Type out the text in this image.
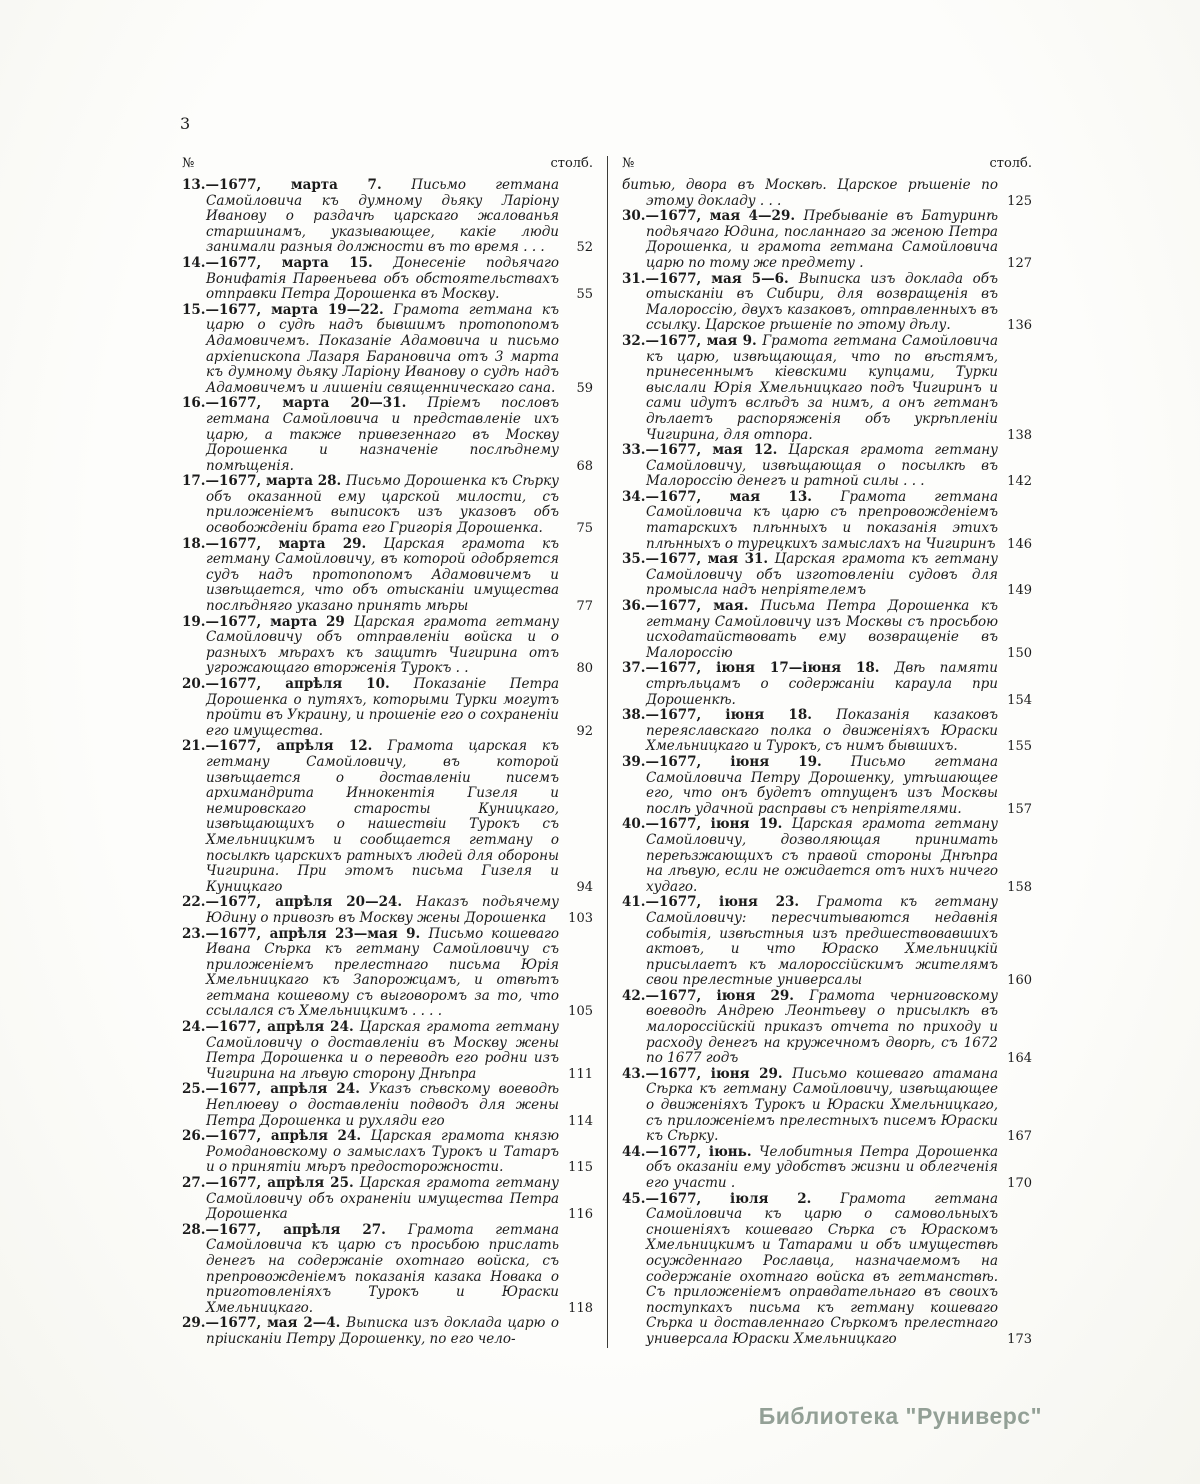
3
№	столб.
13.—1677, марта 7. Письмо гетмана Самойловича къ думному дьяку Ларіону Иванову о раздачѣ царскаго жалованья старшинамъ, указывающее, какіе люди занимали разныя должности въ то время . . .	52
14.—1677, марта 15. Донесеніе подьячаго Вонифатія Парѳеньева объ обстоятельствахъ отправки Петра Дорошенка въ Москву.	55
15.—1677, марта 19—22. Грамота гетмана къ царю о судѣ надъ бывшимъ протопопомъ Адамовичемъ. Показаніе Адамовича и письмо архіепископа Лазаря Барановича отъ 3 марта къ думному дьяку Ларіону Иванову о судѣ надъ Адамовичемъ и лишеніи священническаго сана.	59
16.—1677, марта 20—31. Пріемъ пословъ гетмана Самойловича и представленіе ихъ царю, а также привезеннаго въ Москву Дорошенка и назначеніе послѣднему помѣщенія.	68
17.—1677, марта 28. Письмо Дорошенка къ Сѣрку объ оказанной ему царской милости, съ приложеніемъ выписокъ изъ указовъ объ освобожденіи брата его Григорія Дорошенка.	75
18.—1677, марта 29. Царская грамота къ гетману Самойловичу, въ которой одобряется судъ надъ протопопомъ Адамовичемъ и извѣщается, что объ отысканіи имущества послѣдняго указано принять мѣры	77
19.—1677, марта 29 Царская грамота гетману Самойловичу объ отправленіи войска и о разныхъ мѣрахъ къ защитѣ Чигирина отъ угрожающаго вторженія Турокъ . .	80
20.—1677, апрѣля 10. Показаніе Петра Дорошенка о путяхъ, которыми Турки могутъ пройти въ Украину, и прошеніе его о сохраненіи его имущества.	92
21.—1677, апрѣля 12. Грамота царская къ гетману Самойловичу, въ которой извѣщается о доставленіи писемъ архимандрита Иннокентія Гизеля и немировскаго старосты Куницкаго, извѣщающихъ о нашествіи Турокъ съ Хмельницкимъ и сообщается гетману о посылкѣ царскихъ ратныхъ людей для обороны Чигирина. При этомъ письма Гизеля и Куницкаго	94
22.—1677, апрѣля 20—24. Наказъ подьячему Юдину о привозѣ въ Москву жены Дорошенка	103
23.—1677, апрѣля 23—мая 9. Письмо кошеваго Ивана Сѣрка къ гетману Самойловичу съ приложеніемъ прелестнаго письма Юрія Хмельницкаго къ Запорожцамъ, и отвѣтъ гетмана кошевому съ выговоромъ за то, что ссылался съ Хмельницкимъ . . . .	105
24.—1677, апрѣля 24. Царская грамота гетману Самойловичу о доставленіи въ Москву жены Петра Дорошенка и о переводѣ его родни изъ Чигирина на лѣвую сторону Днѣпра	111
25.—1677, апрѣля 24. Указъ сѣвскому воеводѣ Неплюеву о доставленіи подводъ для жены Петра Дорошенка и рухляди его	114
26.—1677, апрѣля 24. Царская грамота князю Ромодановскому о замыслахъ Турокъ и Татаръ и о принятіи мѣръ предосторожности.	115
27.—1677, апрѣля 25. Царская грамота гетману Самойловичу объ охраненіи имущества Петра Дорошенка	116
28.—1677, апрѣля 27. Грамота гетмана Самойловича къ царю съ просьбою прислать денегъ на содержаніе охотнаго войска, съ препровожденіемъ показанія казака Новака о приготовленіяхъ Турокъ и Юраски Хмельницкаго.	118
29.—1677, мая 2—4. Выписка изъ доклада царю о пріисканіи Петру Дорошенку, по его чело-
№	столб.
битью, двора въ Москвѣ. Царское рѣшеніе по этому докладу . . .	125
30.—1677, мая 4—29. Пребываніе въ Батуринѣ подьячаго Юдина, посланнаго за женою Петра Дорошенка, и грамота гетмана Самойловича царю по тому же предмету .	127
31.—1677, мая 5—6. Выписка изъ доклада объ отысканіи въ Сибири, для возвращенія въ Малороссію, двухъ казаковъ, отправленныхъ въ ссылку. Царское рѣшеніе по этому дѣлу.	136
32.—1677, мая 9. Грамота гетмана Самойловича къ царю, извѣщающая, что по вѣстямъ, принесеннымъ кіевскими купцами, Турки выслали Юрія Хмельницкаго подъ Чигиринъ и сами идутъ вслѣдъ за нимъ, а онъ гетманъ дѣлаетъ распоряженія объ укрѣпленіи Чигирина, для отпора.	138
33.—1677, мая 12. Царская грамота гетману Самойловичу, извѣщающая о посылкѣ въ Малороссію денегъ и ратной силы . . .	142
34.—1677, мая 13. Грамота гетмана Самойловича къ царю съ препровожденіемъ татарскихъ плѣнныхъ и показанія этихъ плѣнныхъ о турецкихъ замыслахъ на Чигиринъ 146
35.—1677, мая 31. Царская грамота къ гетману Самойловичу объ изготовленіи судовъ для промысла надъ непріятелемъ	149
36.—1677, мая. Письма Петра Дорошенка къ гетману Самойловичу изъ Москвы съ просьбою исходатайствовать ему возвращеніе въ Малороссію	150
37.—1677, іюня 17—іюня 18. Двѣ памяти стрѣльцамъ о содержаніи караула при Дорошенкѣ.	154
38.—1677, іюня 18. Показанія казаковъ переяславскаго полка о движеніяхъ Юраски Хмельницкаго и Турокъ, съ нимъ бывшихъ.	155
39.—1677, іюня 19. Письмо гетмана Самойловича Петру Дорошенку, утѣшающее его, что онъ будетъ отпущенъ изъ Москвы послѣ удачной расправы съ непріятелями.	157
40.—1677, іюня 19. Царская грамота гетману Самойловичу, дозволяющая принимать переѣзжающихъ съ правой стороны Днѣпра на лѣвую, если не ожидается отъ нихъ ничего худаго.	158
41.—1677, іюня 23. Грамота къ гетману Самойловичу: пересчитываются недавнія событія, извѣстныя изъ предшествовавшихъ актовъ, и что Юраско Хмельницкій присылаетъ къ малороссійскимъ жителямъ свои прелестные универсалы	160
42.—1677, іюня 29. Грамота черниговскому воеводѣ Андрею Леонтьеву о присылкѣ въ малороссійскій приказъ отчета по приходу и расходу денегъ на кружечномъ дворѣ, съ 1672 по 1677 годъ	164
43.—1677, іюня 29. Письмо кошеваго атамана Сѣрка къ гетману Самойловичу, извѣщающее о движеніяхъ Турокъ и Юраски Хмельницкаго, съ приложеніемъ прелестныхъ писемъ Юраски къ Сѣрку.	167
44.—1677, іюнь. Челобитныя Петра Дорошенка объ оказаніи ему удобствъ жизни и облегченія его участи .	170
45.—1677, іюля 2. Грамота гетмана Самойловича къ царю о самовольныхъ сношеніяхъ кошеваго Сѣрка съ Юраскомъ Хмельницкимъ и Татарами и объ имуществѣ осужденнаго Рославца, назначаемомъ на содержаніе охотнаго войска въ гетманствѣ. Съ приложеніемъ оправдательнаго въ своихъ поступкахъ письма къ гетману кошеваго Сѣрка и доставленнаго Сѣркомъ прелестнаго универсала Юраски Хмельницкаго	173
Библиотека "Руниверс"
